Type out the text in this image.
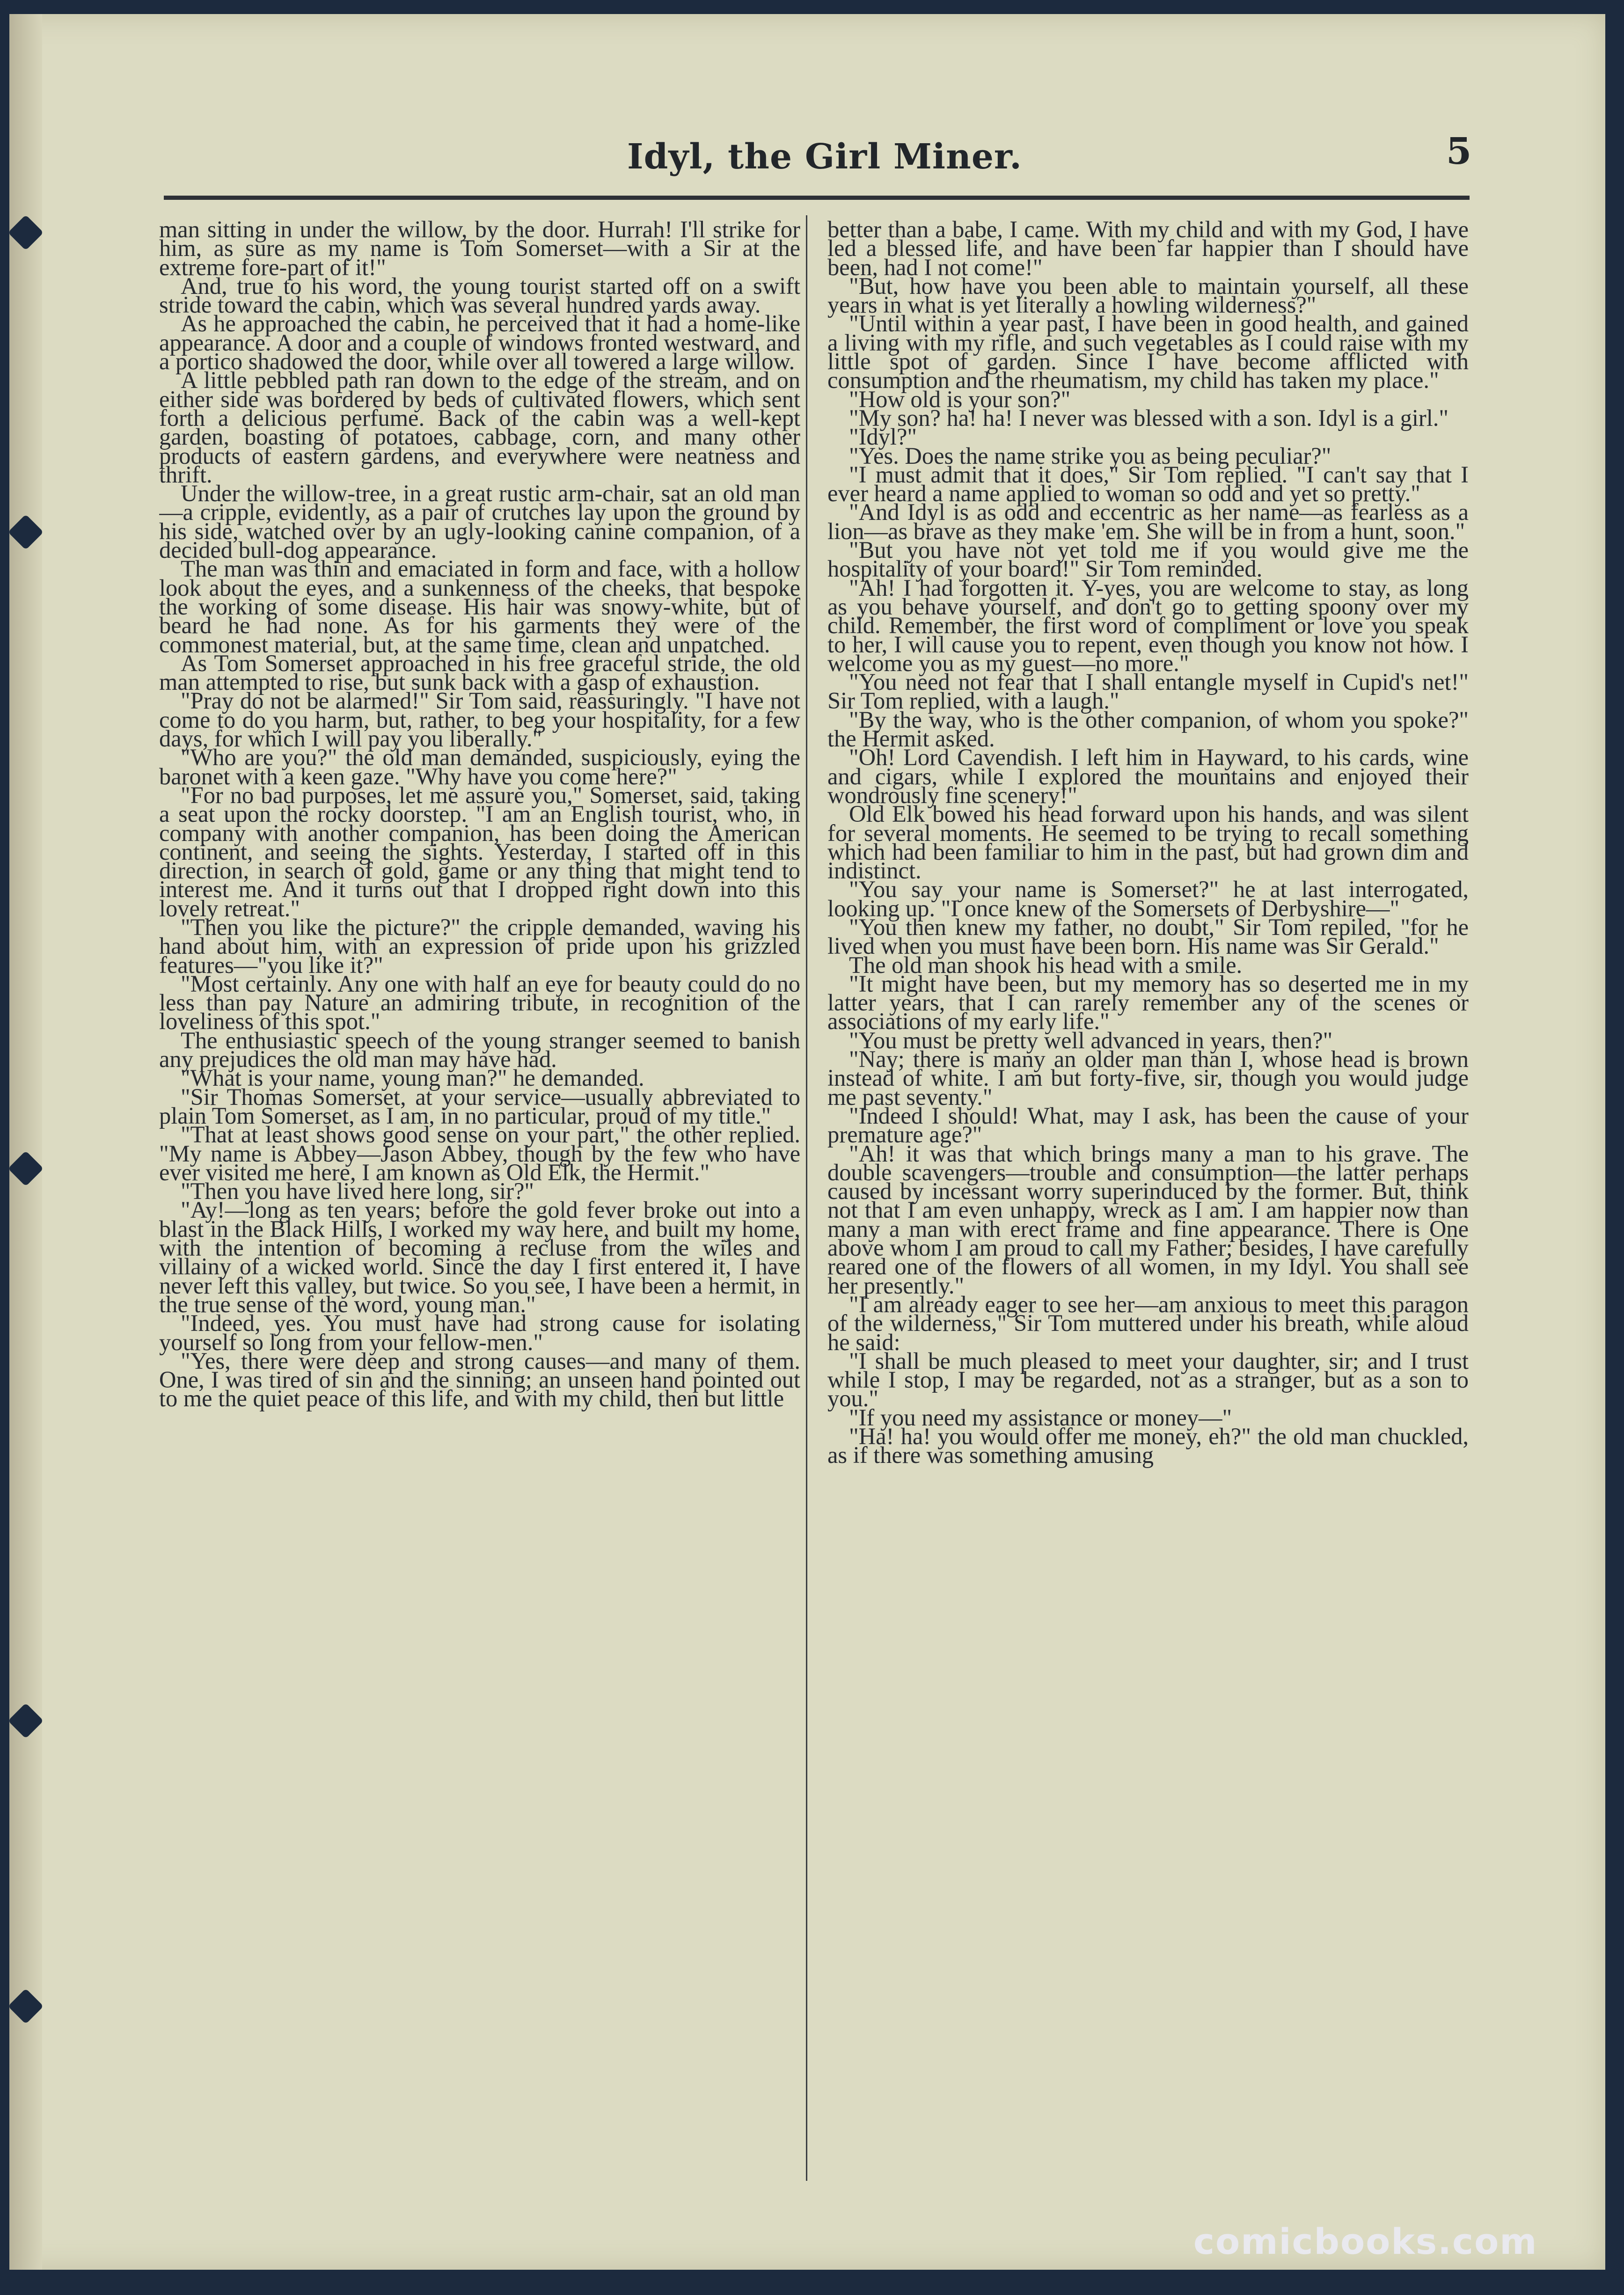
Idyl, the Girl Miner.	5

man sitting in under the willow, by the door. Hurrah! I'll strike for him, as sure as my name is Tom Somerset—with a Sir at the extreme fore-part of it!"

And, true to his word, the young tourist started off on a swift stride toward the cabin, which was several hundred yards away.

As he approached the cabin, he perceived that it had a home-like appearance. A door and a couple of windows fronted westward, and a portico shadowed the door, while over all towered a large willow.

A little pebbled path ran down to the edge of the stream, and on either side was bordered by beds of cultivated flowers, which sent forth a delicious perfume. Back of the cabin was a well-kept garden, boasting of potatoes, cabbage, corn, and many other products of eastern gardens, and everywhere were neatness and thrift.

Under the willow-tree, in a great rustic arm-chair, sat an old man—a cripple, evidently, as a pair of crutches lay upon the ground by his side, watched over by an ugly-looking canine companion, of a decided bull-dog appearance.

The man was thin and emaciated in form and face, with a hollow look about the eyes, and a sunkenness of the cheeks, that bespoke the working of some disease. His hair was snowy-white, but of beard he had none. As for his garments they were of the commonest material, but, at the same time, clean and unpatched.

As Tom Somerset approached in his free graceful stride, the old man attempted to rise, but sunk back with a gasp of exhaustion.

"Pray do not be alarmed!" Sir Tom said, reassuringly. "I have not come to do you harm, but, rather, to beg your hospitality, for a few days, for which I will pay you liberally."

"Who are you?" the old man demanded, suspiciously, eying the baronet with a keen gaze. "Why have you come here?"

"For no bad purposes, let me assure you," Somerset, said, taking a seat upon the rocky doorstep. "I am an English tourist, who, in company with another companion, has been doing the American continent, and seeing the sights. Yesterday, I started off in this direction, in search of gold, game or any thing that might tend to interest me. And it turns out that I dropped right down into this lovely retreat."

"Then you like the picture?" the cripple demanded, waving his hand about him, with an expression of pride upon his grizzled features—"you like it?"

"Most certainly. Any one with half an eye for beauty could do no less than pay Nature an admiring tribute, in recognition of the loveliness of this spot."

The enthusiastic speech of the young stranger seemed to banish any prejudices the old man may have had.

"What is your name, young man?" he demanded.

"Sir Thomas Somerset, at your service—usually abbreviated to plain Tom Somerset, as I am, in no particular, proud of my title."

"That at least shows good sense on your part," the other replied. "My name is Abbey—Jason Abbey, though by the few who have ever visited me here, I am known as Old Elk, the Hermit."

"Then you have lived here long, sir?"

"Ay!—long as ten years; before the gold fever broke out into a blast in the Black Hills, I worked my way here, and built my home, with the intention of becoming a recluse from the wiles and villainy of a wicked world. Since the day I first entered it, I have never left this valley, but twice. So you see, I have been a hermit, in the true sense of the word, young man."

"Indeed, yes. You must have had strong cause for isolating yourself so long from your fellow-men."

"Yes, there were deep and strong causes—and many of them. One, I was tired of sin and the sinning; an unseen hand pointed out to me the quiet peace of this life, and with my child, then but little

better than a babe, I came. With my child and with my God, I have led a blessed life, and have been far happier than I should have been, had I not come!"

"But, how have you been able to maintain yourself, all these years in what is yet literally a howling wilderness?"

"Until within a year past, I have been in good health, and gained a living with my rifle, and such vegetables as I could raise with my little spot of garden. Since I have become afflicted with consumption and the rheumatism, my child has taken my place."

"How old is your son?"

"My son? ha! ha! I never was blessed with a son. Idyl is a girl."

"Idyl?"

"Yes. Does the name strike you as being peculiar?"

"I must admit that it does," Sir Tom replied. "I can't say that I ever heard a name applied to woman so odd and yet so pretty."

"And Idyl is as odd and eccentric as her name—as fearless as a lion—as brave as they make 'em. She will be in from a hunt, soon."

"But you have not yet told me if you would give me the hospitality of your board!" Sir Tom reminded.

"Ah! I had forgotten it. Y-yes, you are welcome to stay, as long as you behave yourself, and don't go to getting spoony over my child. Remember, the first word of compliment or love you speak to her, I will cause you to repent, even though you know not how. I welcome you as my guest—no more."

"You need not fear that I shall entangle myself in Cupid's net!" Sir Tom replied, with a laugh."

"By the way, who is the other companion, of whom you spoke?" the Hermit asked.

"Oh! Lord Cavendish. I left him in Hayward, to his cards, wine and cigars, while I explored the mountains and enjoyed their wondrously fine scenery!"

Old Elk bowed his head forward upon his hands, and was silent for several moments. He seemed to be trying to recall something which had been familiar to him in the past, but had grown dim and indistinct.

"You say your name is Somerset?" he at last interrogated, looking up. "I once knew of the Somersets of Derbyshire—"

"You then knew my father, no doubt," Sir Tom repiled, "for he lived when you must have been born. His name was Sir Gerald."

The old man shook his head with a smile.

"It might have been, but my memory has so deserted me in my latter years, that I can rarely remember any of the scenes or associations of my early life."

"You must be pretty well advanced in years, then?"

"Nay; there is many an older man than I, whose head is brown instead of white. I am but forty-five, sir, though you would judge me past seventy."

"Indeed I should! What, may I ask, has been the cause of your premature age?"

"Ah! it was that which brings many a man to his grave. The double scavengers—trouble and consumption—the latter perhaps caused by incessant worry superinduced by the former. But, think not that I am even unhappy, wreck as I am. I am happier now than many a man with erect frame and fine appearance. There is One above whom I am proud to call my Father; besides, I have carefully reared one of the flowers of all women, in my Idyl. You shall see her presently."

"I am already eager to see her—am anxious to meet this paragon of the wilderness," Sir Tom muttered under his breath, while aloud he said:

"I shall be much pleased to meet your daughter, sir; and I trust while I stop, I may be regarded, not as a stranger, but as a son to you."

"If you need my assistance or money—"

"Ha! ha! you would offer me money, eh?" the old man chuckled, as if there was something amusing

comicbooks.com
